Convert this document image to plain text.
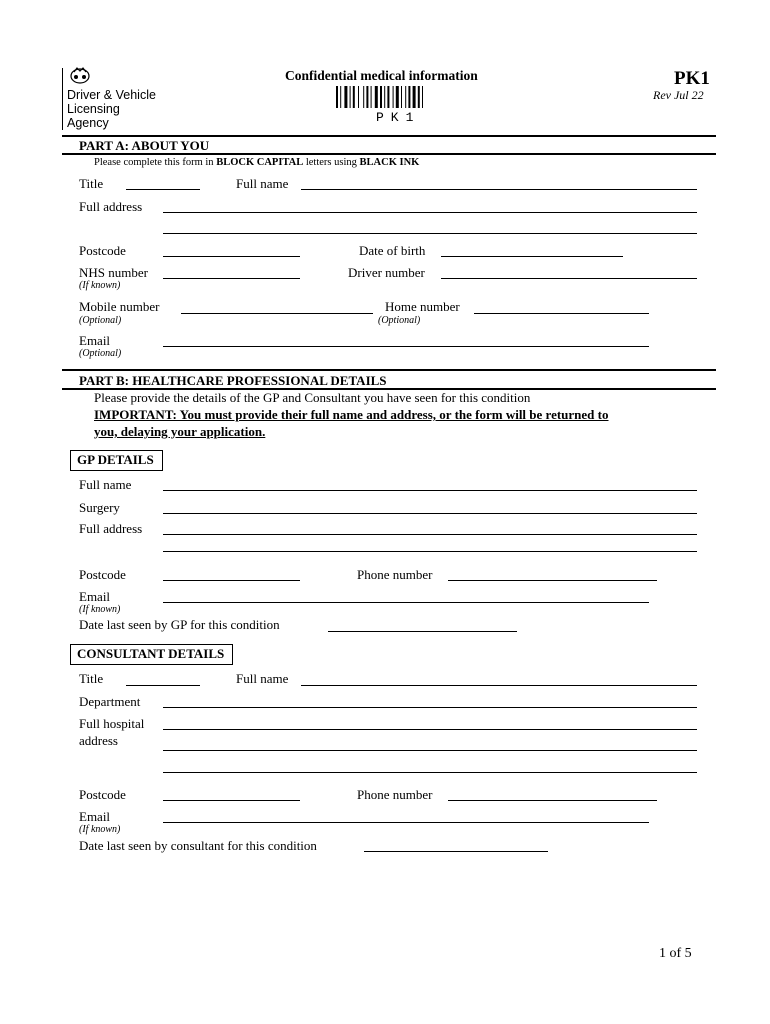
Driver & Vehicle
Licensing
Agency
Confidential medical information
PK1
PK1
Rev Jul 22
PART A: ABOUT YOU
Please complete this form in BLOCK CAPITAL letters using BLACK INK
Title	Full name
Full address
Postcode	Date of birth
NHS number
(If known)
Driver number
Mobile number
(Optional)
Home number
(Optional)
Email
(Optional)
PART B: HEALTHCARE PROFESSIONAL DETAILS
Please provide the details of the GP and Consultant you have seen for this condition
IMPORTANT: You must provide their full name and address, or the form will be returned to
you, delaying your application.
GP DETAILS
Full name
Surgery
Full address
Postcode	Phone number
Email
(If known)
Date last seen by GP for this condition
CONSULTANT DETAILS
Title	Full name
Department
Full hospital
address
Postcode	Phone number
Email
(If known)
Date last seen by consultant for this condition
1 of 5
